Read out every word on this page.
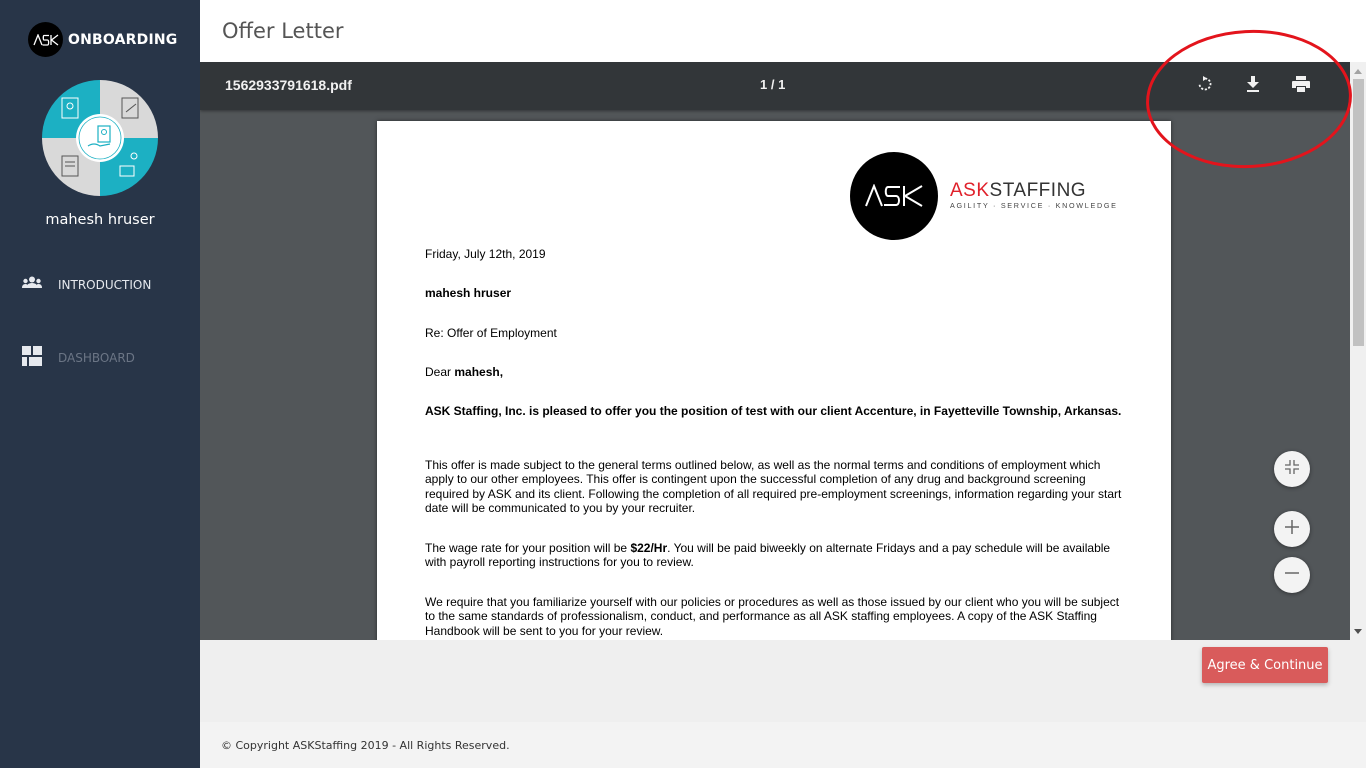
ONBOARDING
mahesh hruser
INTRODUCTION
DASHBOARD
Offer Letter
1562933791618.pdf	1 / 1
ASKSTAFFING
AGILITY · SERVICE · KNOWLEDGE
Friday, July 12th, 2019
mahesh hruser
Re: Offer of Employment
Dear mahesh,
ASK Staffing, Inc. is pleased to offer you the position of test with our client Accenture, in Fayetteville Township, Arkansas.
This offer is made subject to the general terms outlined below, as well as the normal terms and conditions of employment which apply to our other employees. This offer is contingent upon the successful completion of any drug and background screening required by ASK and its client. Following the completion of all required pre-employment screenings, information regarding your start date will be communicated to you by your recruiter.
The wage rate for your position will be $22/Hr. You will be paid biweekly on alternate Fridays and a pay schedule will be available with payroll reporting instructions for you to review.
We require that you familiarize yourself with our policies or procedures as well as those issued by our client who you will be subject to the same standards of professionalism, conduct, and performance as all ASK staffing employees. A copy of the ASK Staffing Handbook will be sent to you for your review.
Agree & Continue
© Copyright ASKStaffing 2019 - All Rights Reserved.
